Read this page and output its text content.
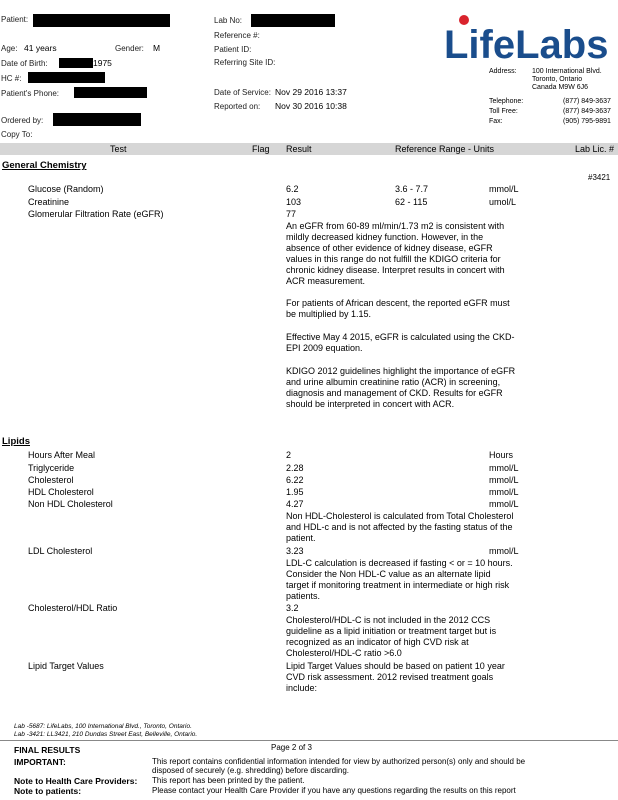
Patient:
Age: 41 years	Gender: M
Date of Birth:	1975
HC #:
Patient's Phone:
Ordered by:
Copy To:
Lab No:
Reference #:
Patient ID:
Referring Site ID:
Date of Service: Nov 29 2016 13:37
Reported on: Nov 30 2016 10:38
LifeLabs
Address: 100 International Blvd.
Toronto, Ontario
Canada M9W 6J6
Telephone:	(877) 849-3637
Toll Free:	(877) 849-3637
Fax:	(905) 795-9891
Test	Flag Result	Reference Range - Units	Lab Lic. #
General Chemistry
#3421
Glucose (Random)	6.2	3.6 - 7.7	mmol/L
Creatinine	103	62 - 115	umol/L
Glomerular Filtration Rate (eGFR)	77
An eGFR from 60-89 ml/min/1.73 m2 is consistent with mildly decreased kidney function. However, in the absence of other evidence of kidney disease, eGFR values in this range do not fulfill the KDIGO criteria for chronic kidney disease. Interpret results in concert with ACR measurement.
For patients of African descent, the reported eGFR must be multiplied by 1.15.
Effective May 4 2015, eGFR is calculated using the CKD-EPI 2009 equation.
KDIGO 2012 guidelines highlight the importance of eGFR and urine albumin creatinine ratio (ACR) in screening, diagnosis and management of CKD. Results for eGFR should be interpreted in concert with ACR.
Lipids
Hours After Meal	2	Hours
Triglyceride	2.28	mmol/L
Cholesterol	6.22	mmol/L
HDL Cholesterol	1.95	mmol/L
Non HDL Cholesterol	4.27	mmol/L
Non HDL-Cholesterol is calculated from Total Cholesterol and HDL-c and is not affected by the fasting status of the patient.
LDL Cholesterol	3.23	mmol/L
LDL-C calculation is decreased if fasting < or = 10 hours. Consider the Non HDL-C value as an alternate lipid target if monitoring treatment in intermediate or high risk patients.
Cholesterol/HDL Ratio	3.2
Cholesterol/HDL-C is not included in the 2012 CCS guideline as a lipid initiation or treatment target but is recognized as an indicator of high CVD risk at Cholesterol/HDL-C ratio >6.0
Lipid Target Values	Lipid Target Values should be based on patient 10 year CVD risk assessment. 2012 revised treatment goals include:
Lab -5687: LifeLabs, 100 International Blvd., Toronto, Ontario.
Lab -3421: LL3421, 210 Dundas Street East, Belleville, Ontario.
FINAL RESULTS	Page 2 of 3
IMPORTANT:	This report contains confidential information intended for view by authorized person(s) only and should be
disposed of securely (e.g. shredding) before discarding.
Note to Health Care Providers: This report has been printed by the patient.
Note to patients:	Please contact your Health Care Provider if you have any questions regarding the results on this report
